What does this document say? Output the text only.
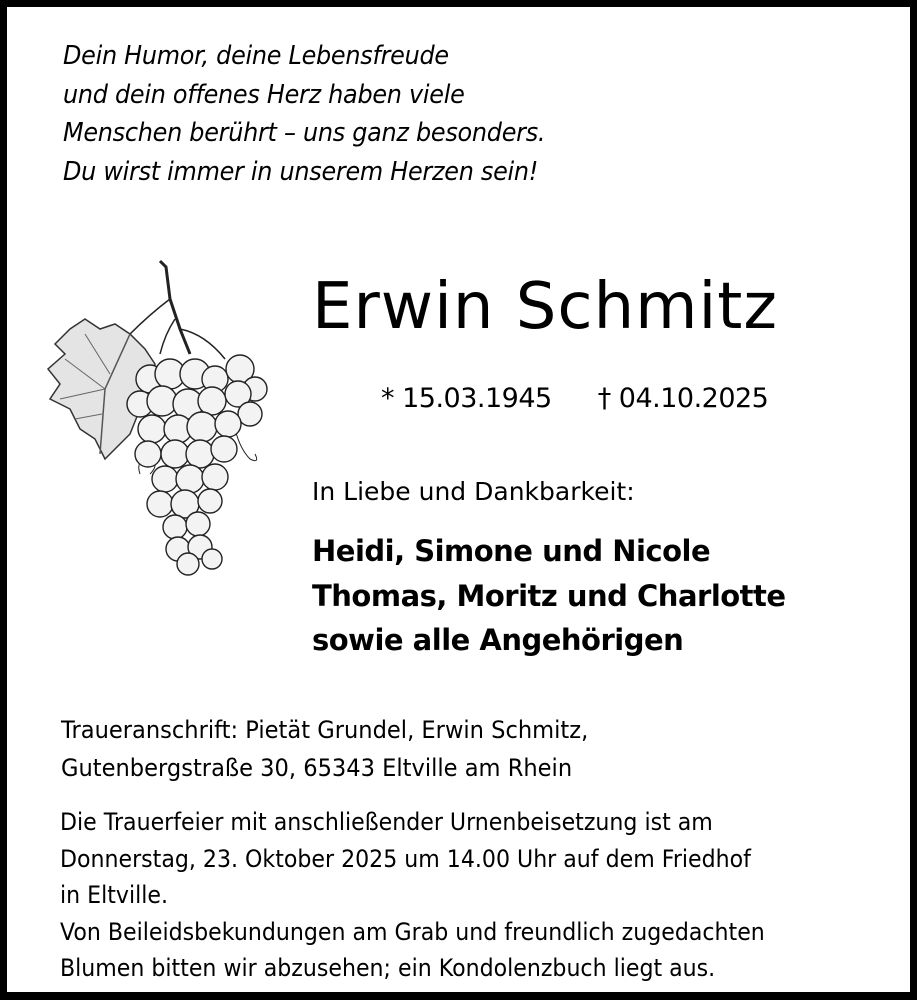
Dein Humor, deine Lebensfreude
und dein offenes Herz haben viele
Menschen berührt – uns ganz besonders.
Du wirst immer in unserem Herzen sein!
Erwin Schmitz
* 15.03.1945 † 04.10.2025
In Liebe und Dankbarkeit:
Heidi, Simone und Nicole
Thomas, Moritz und Charlotte
sowie alle Angehörigen
Traueranschrift: Pietät Grundel, Erwin Schmitz,
Gutenbergstraße 30, 65343 Eltville am Rhein
Die Trauerfeier mit anschließender Urnenbeisetzung ist am
Donnerstag, 23. Oktober 2025 um 14.00 Uhr auf dem Friedhof
in Eltville.
Von Beileidsbekundungen am Grab und freundlich zugedachten
Blumen bitten wir abzusehen; ein Kondolenzbuch liegt aus.
